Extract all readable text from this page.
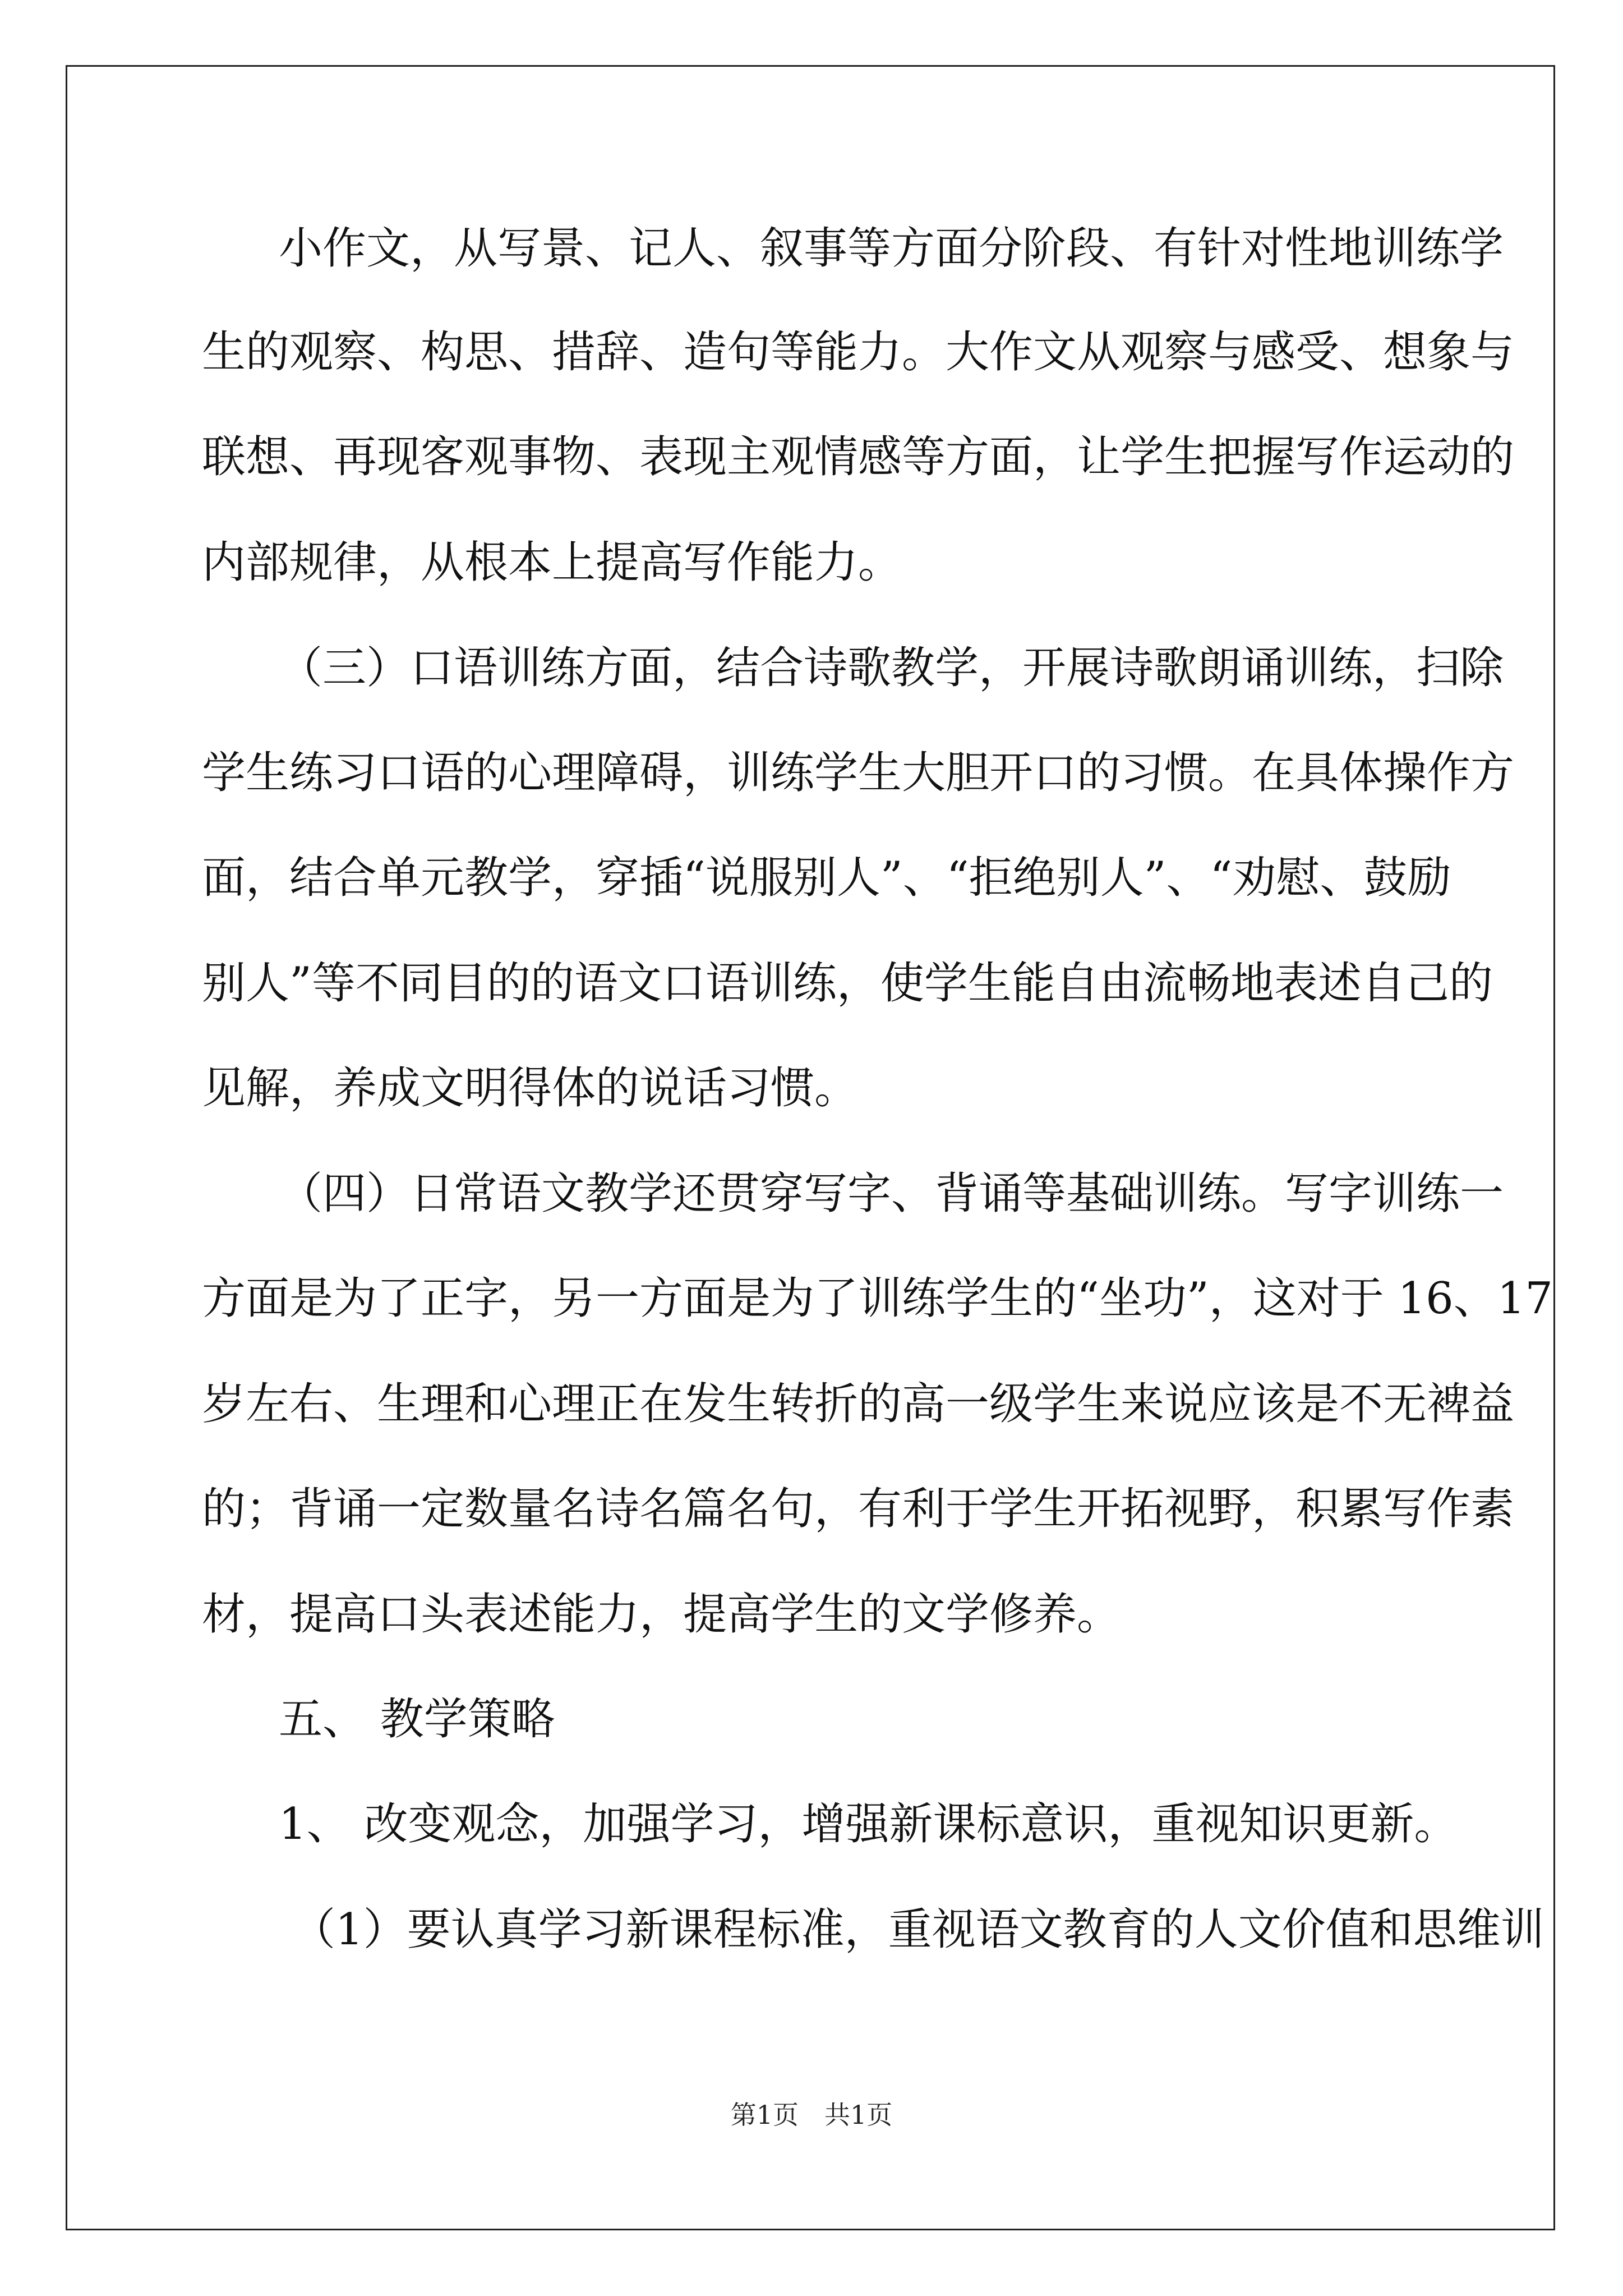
小作文，从写景、记人、叙事等方面分阶段、有针对性地训练学
生的观察、构思、措辞、造句等能力。大作文从观察与感受、想象与
联想、再现客观事物、表现主观情感等方面，让学生把握写作运动的
内部规律，从根本上提高写作能力。
（三）口语训练方面，结合诗歌教学，开展诗歌朗诵训练，扫除
学生练习口语的心理障碍，训练学生大胆开口的习惯。在具体操作方
面，结合单元教学，穿插“说服别人”、“拒绝别人”、“劝慰、鼓励
别人”等不同目的的语文口语训练，使学生能自由流畅地表述自己的
见解，养成文明得体的说话习惯。
（四）日常语文教学还贯穿写字、背诵等基础训练。写字训练一
方面是为了正字，另一方面是为了训练学生的“坐功”，这对于 16、17
岁左右、生理和心理正在发生转折的高一级学生来说应该是不无裨益
的；背诵一定数量名诗名篇名句，有利于学生开拓视野，积累写作素
材，提高口头表述能力，提高学生的文学修养。
五、 教学策略
1、 改变观念，加强学习，增强新课标意识，重视知识更新。
（1）要认真学习新课程标准，重视语文教育的人文价值和思维训
第1页　共1页
